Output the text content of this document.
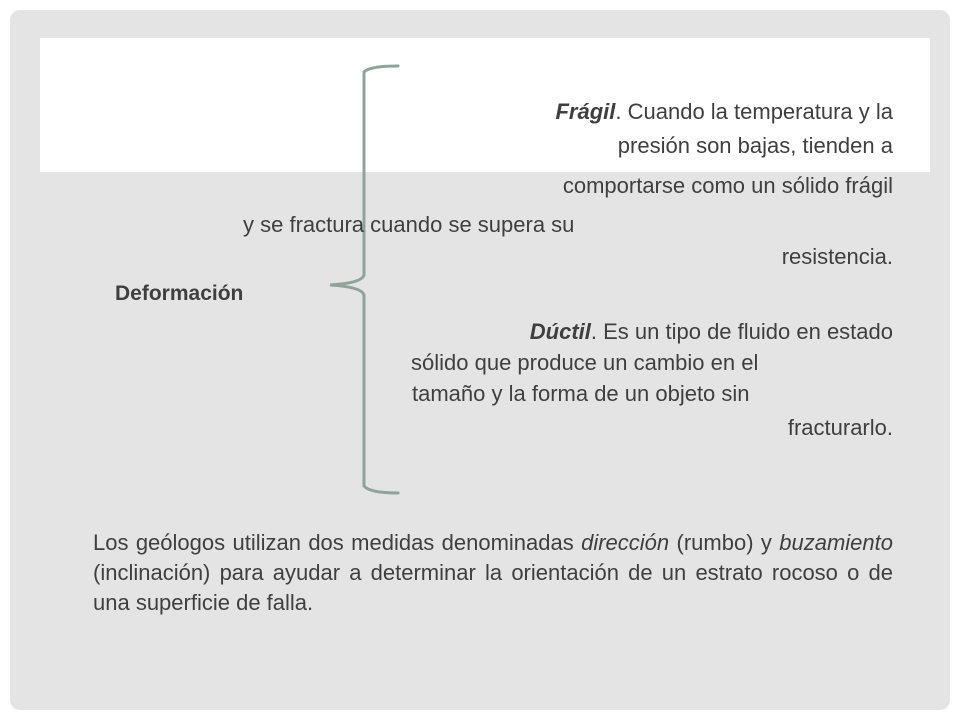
Frágil. Cuando la temperatura y la

presión son bajas, tienden a

comportarse como un sólido frágil

y se fractura cuando se supera su

resistencia.

Deformación

Dúctil. Es un tipo de fluido en estado

sólido que produce un cambio en el

tamaño y la forma de un objeto sin

fracturarlo.

Los geólogos utilizan dos medidas denominadas dirección (rumbo) y buzamiento (inclinación) para ayudar a determinar la orientación de un estrato rocoso o de una superficie de falla.
